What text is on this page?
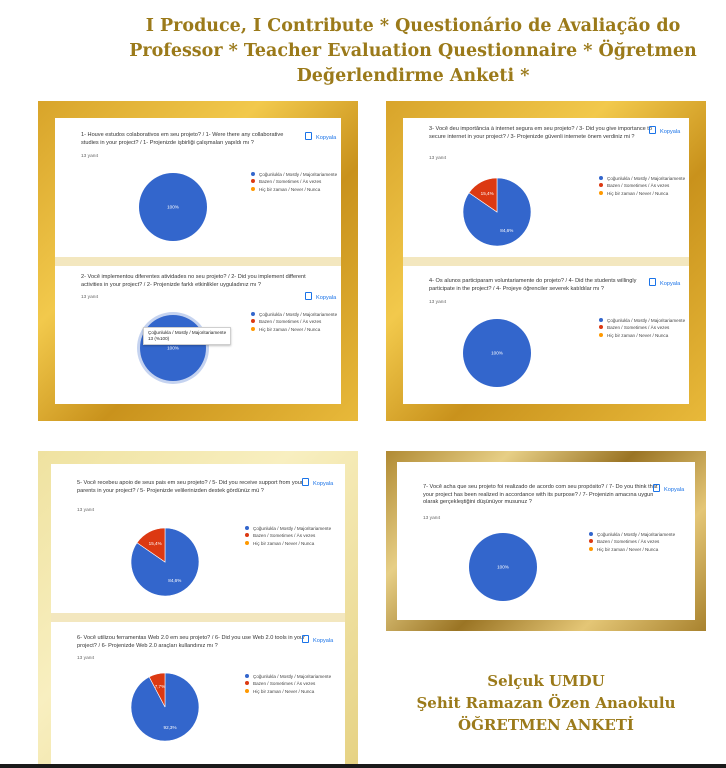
I Produce, I Contribute * Questionário de Avaliação do Professor * Teacher Evaluation Questionnaire * Öğretmen Değerlendirme Anketi *
1- Houve estudos colaborativos em seu projeto? / 1- Were there any collaborative studies in your project? / 1- Projenizde işbirliği çalışmaları yapıldı mı ?
13 yanıt
Kopyala
100%
Çoğunlukla / Mostly / Majoritariamente
Bazen / Sometimes / Às vezes
Hiç bir zaman / Never / Nunca
2- Você implementou diferentes atividades no seu projeto? / 2- Did you implement different activities in your project? / 2- Projenizde farklı etkinlikler uyguladınız mı ?
13 yanıt	Kopyala
100%
Çoğunlukla / Mostly / Majoritariamente
Bazen / Sometimes / Às vezes
Hiç bir zaman / Never / Nunca
Çoğunlukla / Mostly / Majoritariamente
13 (%100)
3- Você deu importância à internet segura em seu projeto? / 3- Did you give importance to secure internet in your project? / 3- Projenizde güvenli internete önem verdiniz mi ?
13 yanıt
Kopyala
84,6%
15,4%
Çoğunlukla / Mostly / Majoritariamente
Bazen / Sometimes / Às vezes
Hiç bir zaman / Never / Nunca
4- Os alunos participaram voluntariamente do projeto? / 4- Did the students willingly participate in the project? / 4- Projeye öğrenciler severek katıldılar mı ?
13 yanıt
Kopyala
100%
Çoğunlukla / Mostly / Majoritariamente
Bazen / Sometimes / Às vezes
Hiç bir zaman / Never / Nunca
5- Você recebeu apoio de seus pais em seu projeto? / 5- Did you receive support from your parents in your project? / 5- Projenizde velilerinizden destek gördünüz mü ?
13 yanıt
Kopyala
84,6%
15,4%
Çoğunlukla / Mostly / Majoritariamente
Bazen / Sometimes / Às vezes
Hiç bir zaman / Never / Nunca
6- Você utilizou ferramentas Web 2.0 em seu projeto? / 6- Did you use Web 2.0 tools in your project? / 6- Projenizde Web 2.0 araçları kullandınız mı ?
13 yanıt
Kopyala
92,3%
7,7%
Çoğunlukla / Mostly / Majoritariamente
Bazen / Sometimes / Às vezes
Hiç bir zaman / Never / Nunca
7- Você acha que seu projeto foi realizado de acordo com seu propósito? / 7- Do you think that your project has been realized in accordance with its purpose? / 7- Projenizin amacına uygun olarak gerçekleştiğini düşünüyor musunuz ?
13 yanıt
Kopyala
100%
Çoğunlukla / Mostly / Majoritariamente
Bazen / Sometimes / Às vezes
Hiç bir zaman / Never / Nunca
Selçuk UMDU
Şehit Ramazan Özen Anaokulu
ÖĞRETMEN ANKETİ
